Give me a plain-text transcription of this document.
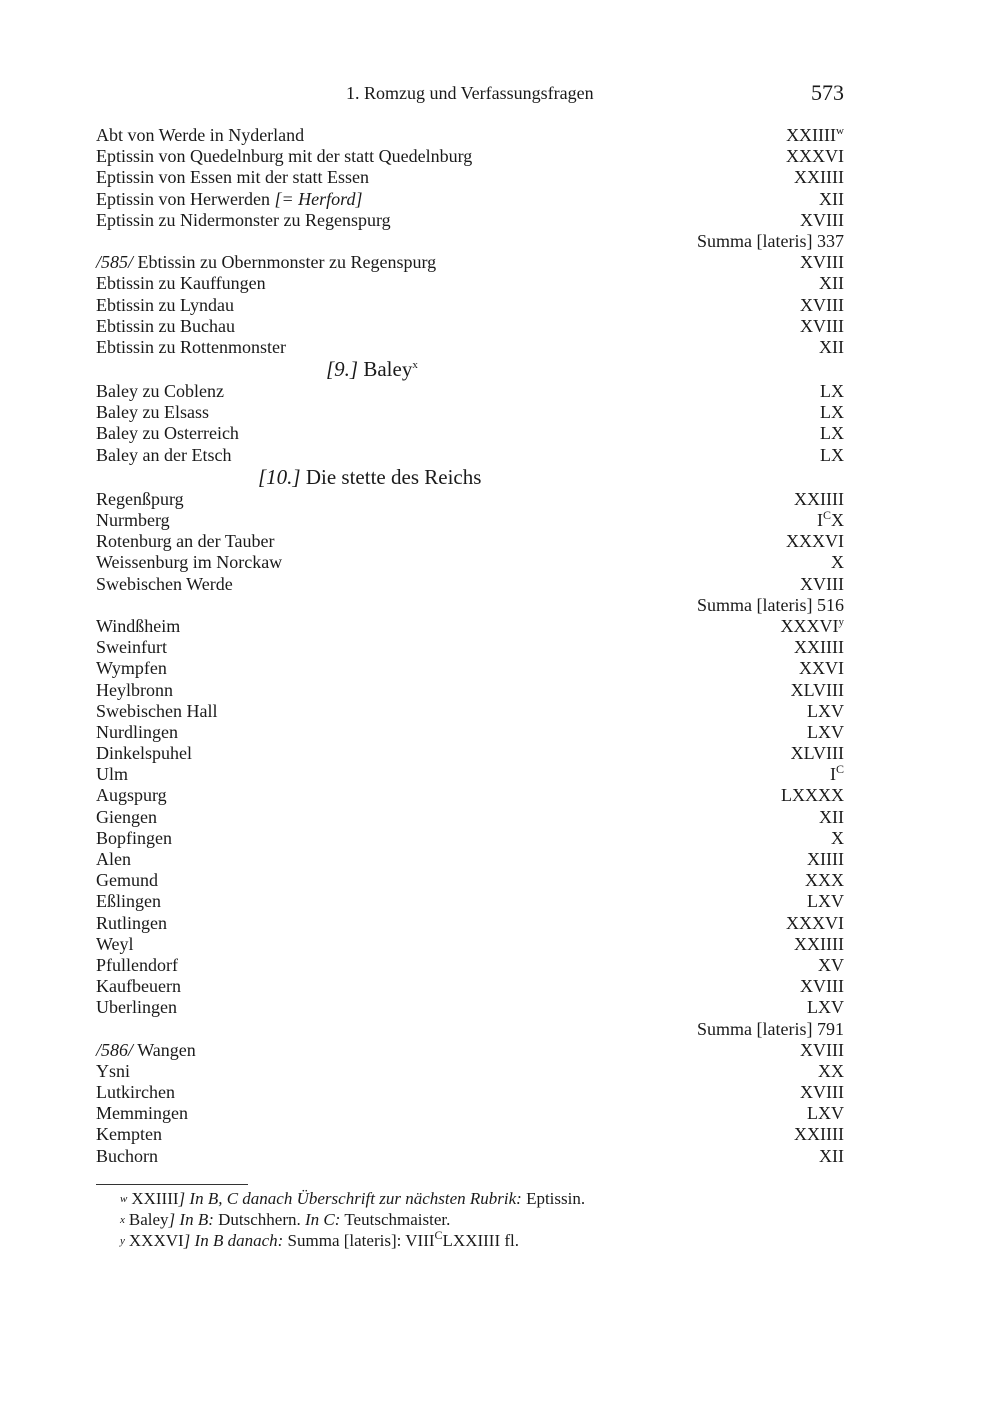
1. Romzug und Verfassungsfragen	573
Abt von Werde in Nyderland	XXIIII$^w$
Eptissin von Quedelnburg mit der statt Quedelnburg	XXXVI
Eptissin von Essen mit der statt Essen	XXIIII
Eptissin von Herwerden [= Herford]	XII
Eptissin zu Nidermonster zu Regenspurg	XVIII
Summa [lateris] 337
/585/ Ebtissin zu Obernmonster zu Regenspurg	XVIII
Ebtissin zu Kauffungen	XII
Ebtissin zu Lyndau	XVIII
Ebtissin zu Buchau	XVIII
Ebtissin zu Rottenmonster	XII
[9.] Baley$^x$
Baley zu Coblenz	LX
Baley zu Elsass	LX
Baley zu Osterreich	LX
Baley an der Etsch	LX
[10.] Die stette des Reichs
Regenßpurg	XXIIII
Nurmberg	$I^CX$
Rotenburg an der Tauber	XXXVI
Weissenburg im Norckaw	X
Swebischen Werde	XVIII
Summa [lateris] 516
Windßheim	XXXVI$^y$
Sweinfurt	XXIIII
Wympfen	XXVI
Heylbronn	XLVIII
Swebischen Hall	LXV
Nurdlingen	LXV
Dinkelspuhel	XLVIII
Ulm	$I^C$
Augspurg	LXXXX
Giengen	XII
Bopfingen	X
Alen	XIIII
Gemund	XXX
Eßlingen	LXV
Rutlingen	XXXVI
Weyl	XXIIII
Pfullendorf	XV
Kaufbeuern	XVIII
Uberlingen	LXV
Summa [lateris] 791
/586/ Wangen	XVIII
Ysni	XX
Lutkirchen	XVIII
Memmingen	LXV
Kempten	XXIIII
Buchorn	XII
w XXIIII] In B, C danach Überschrift zur nächsten Rubrik: Eptissin.
x Baley] In B: Dutschhern. In C: Teutschmaister.
y XXXVI] In B danach: Summa [lateris]: $VIII^CLXXIIII$ fl.
